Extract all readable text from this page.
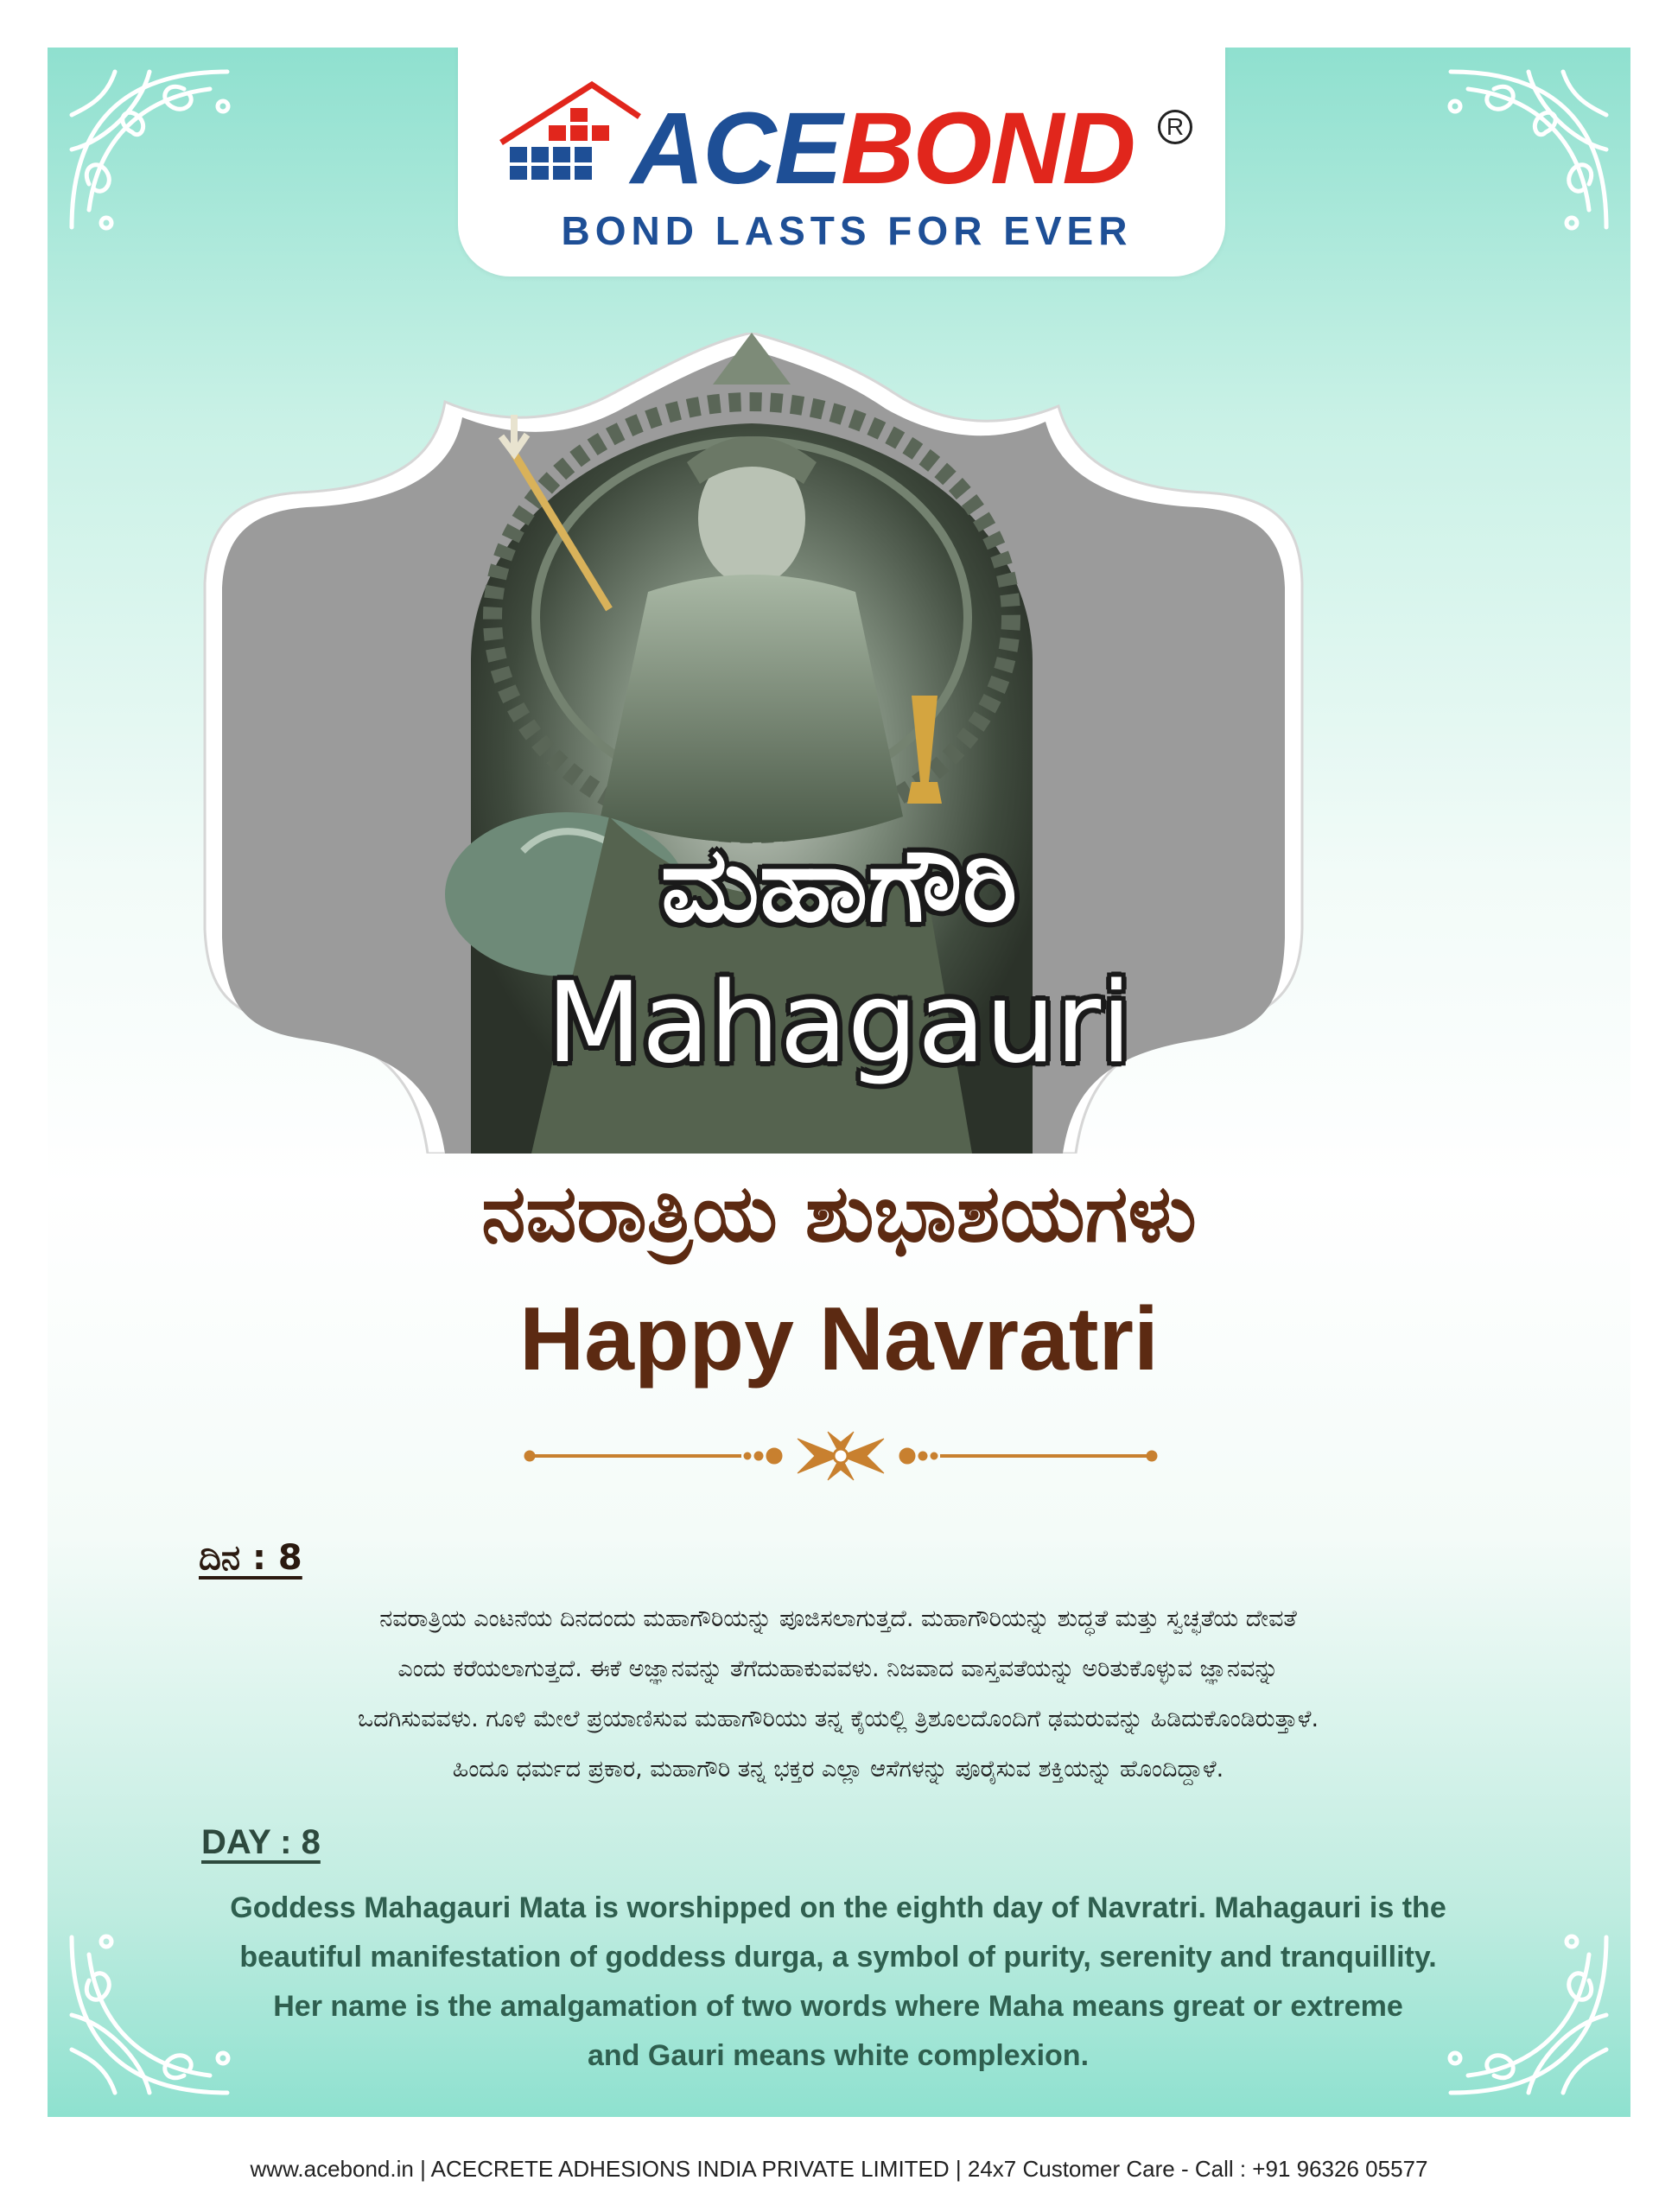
ACEBOND	R
BOND LASTS FOR EVER
ಮಹಾಗೌರಿ
Mahagauri
ನವರಾತ್ರಿಯ ಶುಭಾಶಯಗಳು
Happy Navratri
ದಿನ : 8
ನವರಾತ್ರಿಯ ಎಂಟನೆಯ ದಿನದಂದು ಮಹಾಗೌರಿಯನ್ನು ಪೂಜಿಸಲಾಗುತ್ತದೆ. ಮಹಾಗೌರಿಯನ್ನು ಶುದ್ಧತೆ ಮತ್ತು ಸ್ವಚ್ಛತೆಯ ದೇವತೆ
ಎಂದು ಕರೆಯಲಾಗುತ್ತದೆ. ಈಕೆ ಅಜ್ಞಾನವನ್ನು ತೆಗೆದುಹಾಕುವವಳು. ನಿಜವಾದ ವಾಸ್ತವತೆಯನ್ನು ಅರಿತುಕೊಳ್ಳುವ ಜ್ಞಾನವನ್ನು
ಒದಗಿಸುವವಳು. ಗೂಳಿ ಮೇಲೆ ಪ್ರಯಾಣಿಸುವ ಮಹಾಗೌರಿಯು ತನ್ನ ಕೈಯಲ್ಲಿ ತ್ರಿಶೂಲದೊಂದಿಗೆ ಢಮರುವನ್ನು ಹಿಡಿದುಕೊಂಡಿರುತ್ತಾಳೆ.
ಹಿಂದೂ ಧರ್ಮದ ಪ್ರಕಾರ, ಮಹಾಗೌರಿ ತನ್ನ ಭಕ್ತರ ಎಲ್ಲಾ ಆಸೆಗಳನ್ನು ಪೂರೈಸುವ ಶಕ್ತಿಯನ್ನು ಹೊಂದಿದ್ದಾಳೆ.
DAY : 8
Goddess Mahagauri Mata is worshipped on the eighth day of Navratri. Mahagauri is the
beautiful manifestation of goddess durga, a symbol of purity, serenity and tranquillity.
Her name is the amalgamation of two words where Maha means great or extreme
and Gauri means white complexion.
www.acebond.in | ACECRETE ADHESIONS INDIA PRIVATE LIMITED | 24x7 Customer Care - Call : +91 96326 05577
